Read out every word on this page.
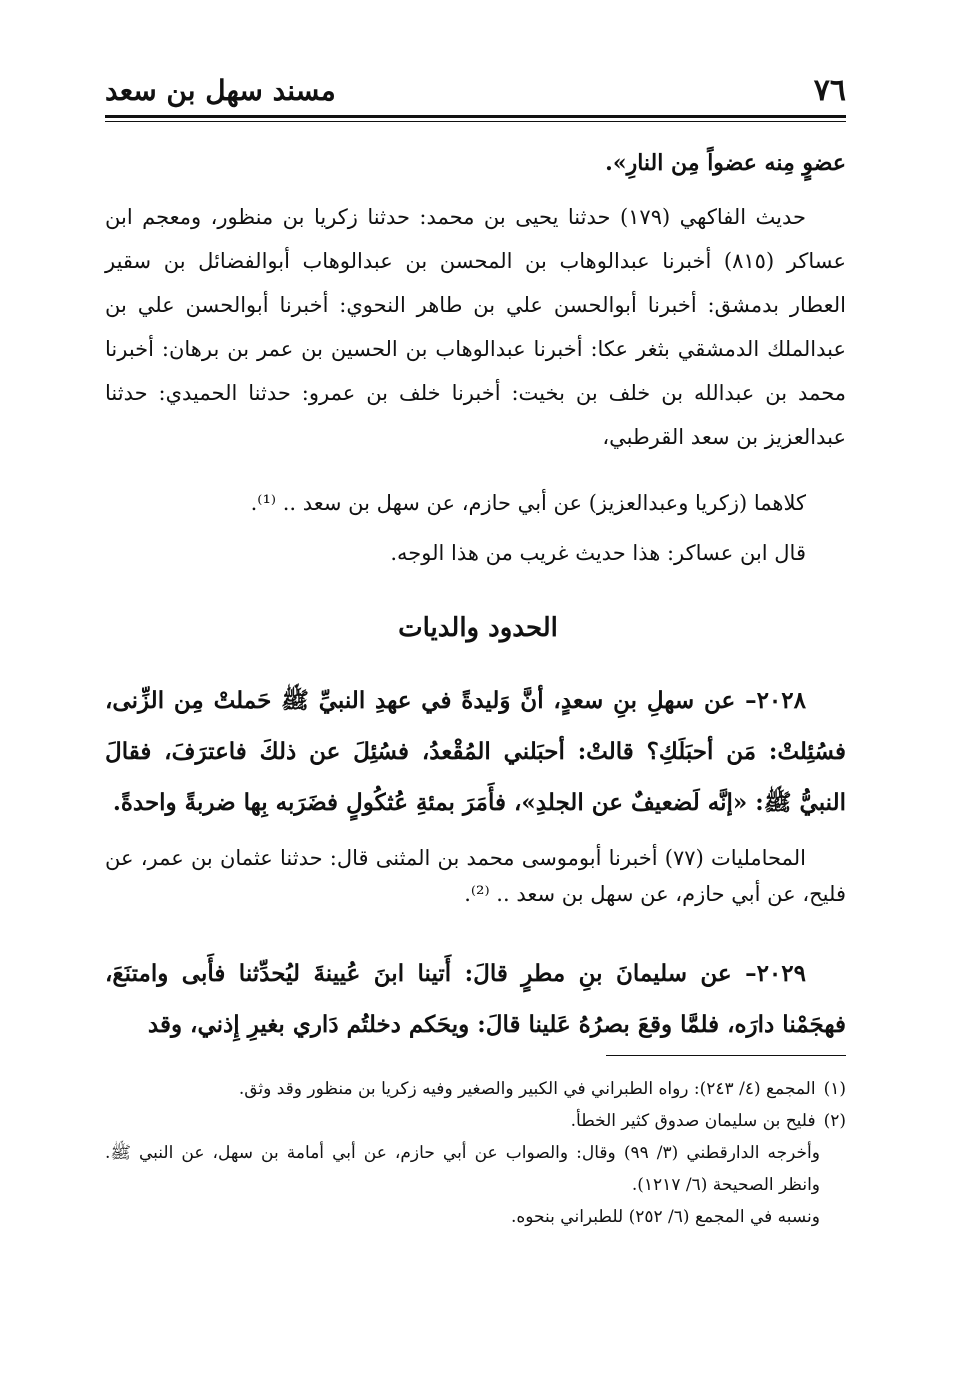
٧٦
مسند سهل بن سعد

عضوٍ مِنه عضواً مِن النارِ».

حديث الفاكهي (١٧٩) حدثنا يحيى بن محمد: حدثنا زكريا بن منظور، ومعجم ابن عساكر (٨١٥) أخبرنا عبدالوهاب بن المحسن بن عبدالوهاب أبوالفضائل بن سقير العطار بدمشق: أخبرنا أبوالحسن علي بن طاهر النحوي: أخبرنا أبوالحسن علي بن عبدالملك الدمشقي بثغر عكا: أخبرنا عبدالوهاب بن الحسين بن عمر بن برهان: أخبرنا محمد بن عبدالله بن خلف بن بخيت: أخبرنا خلف بن عمرو: حدثنا الحميدي: حدثنا عبدالعزيز بن سعد القرطبي،

كلاهما (زكريا وعبدالعزيز) عن أبي حازم، عن سهل بن سعد .. ⁽¹⁾.

قال ابن عساكر: هذا حديث غريب من هذا الوجه.

الحدود والديات

٢٠٢٨– عن سهلِ بنِ سعدٍ، أنَّ وَليدةً في عهدِ النبيِّ ﷺ حَملتْ مِن الزِّنى، فسُئِلتْ: مَن أحبَلَكِ؟ قالتْ: أحبَلني المُقْعدُ، فسُئِلَ عن ذلكَ فاعترَفَ، فقالَ النبيُّ ﷺ: «إنَّه لَضعيفٌ عن الجلدِ»، فأَمَرَ بمئةِ عُثكُولٍ فضَرَبه بِها ضربةً واحدةً.

المحامليات (٧٧) أخبرنا أبوموسى محمد بن المثنى قال: حدثنا عثمان بن عمر، عن فليح، عن أبي حازم، عن سهل بن سعد .. ⁽²⁾.

٢٠٢٩– عن سليمانَ بنِ مطرٍ قالَ: أَتينا ابنَ عُيينةَ ليُحدِّثنا فأَبى وامتنَعَ، فهجَمْنا دارَه، فلمَّا وقعَ بصرُهُ عَلينا قالَ: ويحَكم دخلتُم دَاري بغيرِ إِذني، وقد

(١)المجمع (٤/ ٢٤٣): رواه الطبراني في الكبير والصغير وفيه زكريا بن منظور وقد وثق.

(٢)فليح بن سليمان صدوق كثير الخطأ.

وأخرجه الدارقطني (٣/ ٩٩) وقال: والصواب عن أبي حازم، عن أبي أمامة بن سهل، عن النبي ﷺ. وانظر الصحيحة (٦/ ١٢١٧).

ونسبه في المجمع (٦/ ٢٥٢) للطبراني بنحوه.
